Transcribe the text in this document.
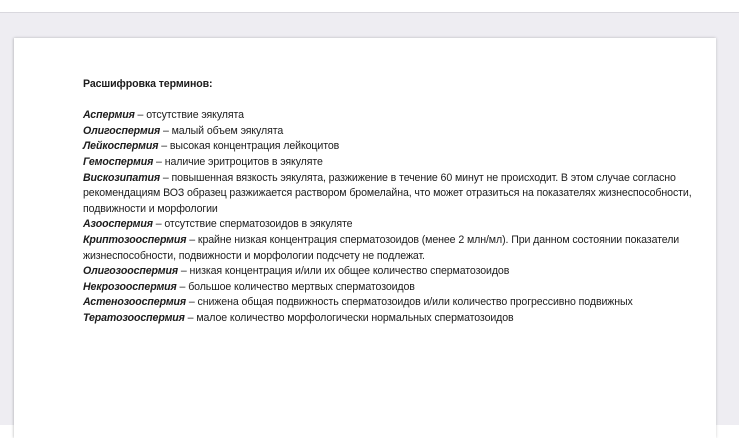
Расшифровка терминов:

Аспермия – отсутствие эякулята

Олигоспермия – малый объем эякулята

Лейкоспермия – высокая концентрация лейкоцитов

Гемоспермия – наличие эритроцитов в эякуляте

Вискозипатия – повышенная вязкость эякулята, разжижение в течение 60 минут не происходит. В этом случае согласно рекомендациям ВОЗ образец разжижается раствором бромелайна, что может отразиться на показателях жизнеспособности, подвижности и морфологии

Азооспермия – отсутствие сперматозоидов в эякуляте

Криптозооспермия – крайне низкая концентрация сперматозоидов (менее 2 млн/мл). При данном состоянии показатели жизнеспособности, подвижности и морфологии подсчету не подлежат.

Олигозооспермия – низкая концентрация и/или их общее количество сперматозоидов

Некрозооспермия – большое количество мертвых сперматозоидов

Астенозооспермия – снижена общая подвижность сперматозоидов и/или количество прогрессивно подвижных

Тератозооспермия – малое количество морфологически нормальных сперматозоидов
